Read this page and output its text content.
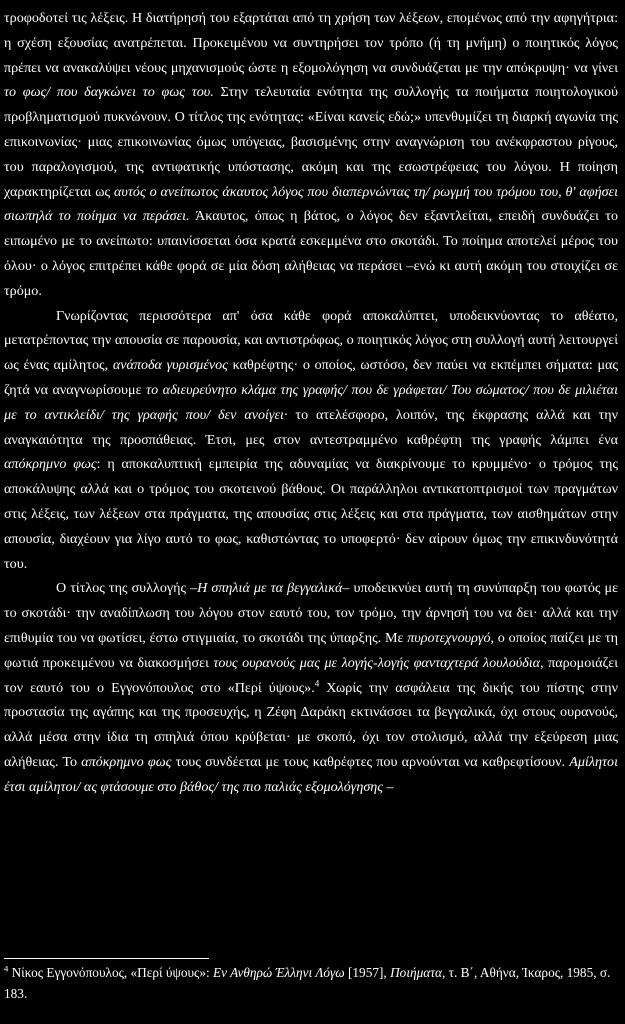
τροφοδοτεί τις λέξεις. Η διατήρησή του εξαρτάται από τη χρήση των λέξεων, επομένως από την αφηγήτρια: η σχέση εξουσίας ανατρέπεται. Προκειμένου να συντηρήσει τον τρόπο (ή τη μνήμη) ο ποιητικός λόγος πρέπει να ανακαλύψει νέους μηχανισμούς ώστε η εξομολόγηση να συνδυάζεται με την απόκρυψη· να γίνει το φως/ που δαγκώνει το φως του. Στην τελευταία ενότητα της συλλογής τα ποιήματα ποιητολογικού προβληματισμού πυκνώνουν. Ο τίτλος της ενότητας: «Είναι κανείς εδώ;» υπενθυμίζει τη διαρκή αγωνία της επικοινωνίας· μιας επικοινωνίας όμως υπόγειας, βασισμένης στην αναγνώριση του ανέκφραστου ρίγους, του παραλογισμού, της αντιφατικής υπόστασης, ακόμη και της εσωστρέφειας του λόγου. Η ποίηση χαρακτηρίζεται ως αυτός ο ανείπωτος άκαυτος λόγος που διαπερνώντας τη/ ρωγμή του τρόμου του, θ' αφήσει σιωπηλά το ποίημα να περάσει. Άκαυτος, όπως η βάτος, ο λόγος δεν εξαντλείται, επειδή συνδυάζει το ειπωμένο με το ανείπωτο: υπαινίσσεται όσα κρατά εσκεμμένα στο σκοτάδι. Το ποίημα αποτελεί μέρος του όλου· ο λόγος επιτρέπει κάθε φορά σε μία δόση αλήθειας να περάσει –ενώ κι αυτή ακόμη του στοιχίζει σε τρόμο.

Γνωρίζοντας περισσότερα απ' όσα κάθε φορά αποκαλύπτει, υποδεικνύοντας το αθέατο, μετατρέποντας την απουσία σε παρουσία, και αντιστρόφως, ο ποιητικός λόγος στη συλλογή αυτή λειτουργεί ως ένας αμίλητος, ανάποδα γυρισμένος καθρέφτης· ο οποίος, ωστόσο, δεν παύει να εκπέμπει σήματα: μας ζητά να αναγνωρίσουμε το αδιευρεύνητο κλάμα της γραφής/ που δε γράφεται/ Του σώματος/ που δε μιλιέται με το αντικλείδι/ της γραφής που/ δεν ανοίγει· το ατελέσφορο, λοιπόν, της έκφρασης αλλά και την αναγκαιότητα της προσπάθειας. Έτσι, μες στον αντεστραμμένο καθρέφτη της γραφής λάμπει ένα απόκρημνο φως: η αποκαλυπτική εμπειρία της αδυναμίας να διακρίνουμε το κρυμμένο· ο τρόμος της αποκάλυψης αλλά και ο τρόμος του σκοτεινού βάθους. Οι παράλληλοι αντικατοπτρισμοί των πραγμάτων στις λέξεις, των λέξεων στα πράγματα, της απουσίας στις λέξεις και στα πράγματα, των αισθημάτων στην απουσία, διαχέουν για λίγο αυτό το φως, καθιστώντας το υποφερτό· δεν αίρουν όμως την επικινδυνότητά του.

Ο τίτλος της συλλογής –Η σπηλιά με τα βεγγαλικά– υποδεικνύει αυτή τη συνύπαρξη του φωτός με το σκοτάδι· την αναδίπλωση του λόγου στον εαυτό του, τον τρόμο, την άρνησή του να δει· αλλά και την επιθυμία του να φωτίσει, έστω στιγμιαία, το σκοτάδι της ύπαρξης. Με πυροτεχνουργό, ο οποίος παίζει με τη φωτιά προκειμένου να διακοσμήσει τους ουρανούς μας με λογής-λογής φανταχτερά λουλούδια, παρομοιάζει τον εαυτό του ο Εγγονόπουλος στο «Περί ύψους».$^4$ Χωρίς την ασφάλεια της δικής του πίστης στην προστασία της αγάπης και της προσευχής, η Ζέφη Δαράκη εκτινάσσει τα βεγγαλικά, όχι στους ουρανούς, αλλά μέσα στην ίδια τη σπηλιά όπου κρύβεται· με σκοπό, όχι τον στολισμό, αλλά την εξεύρεση μιας αλήθειας. Το απόκρημνο φως τους συνδέεται με τους καθρέφτες που αρνούνται να καθρεφτίσουν. Αμίλητοι έτσι αμίλητοι/ ας φτάσουμε στο βάθος/ της πιο παλιάς εξομολόγησης –

$^4$ Νίκος Εγγονόπουλος, «Περί ύψους»: Εν Ανθηρώ Έλληνι Λόγω [1957], Ποιήματα, τ. Β΄, Αθήνα, Ίκαρος, 1985, σ. 183.
